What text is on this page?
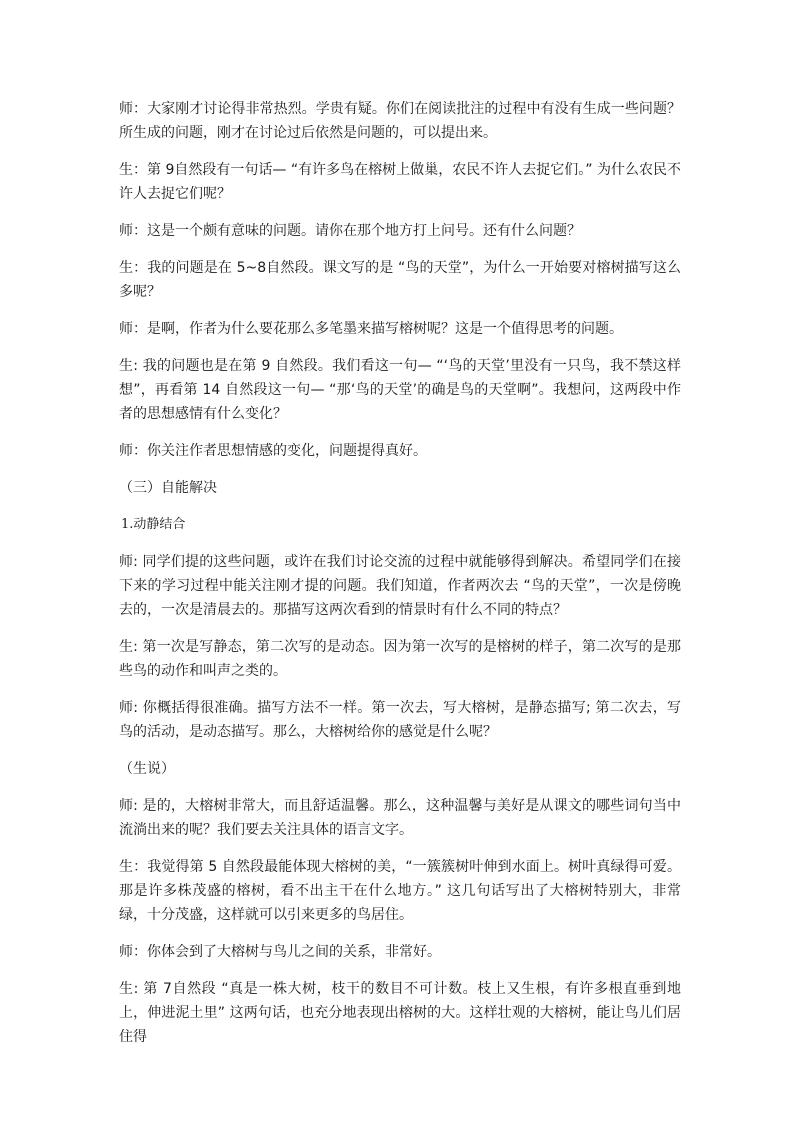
师：大家刚才讨论得非常热烈。学贵有疑。你们在阅读批注的过程中有没有生成一些问题？所生成的问题，刚才在讨论过后依然是问题的，可以提出来。

生：第 9自然段有一句话— “有许多鸟在榕树上做巢，农民不许人去捉它们。” 为什么农民不许人去捉它们呢？

师：这是一个颇有意味的问题。请你在那个地方打上问号。还有什么问题？

生：我的问题是在 5~8自然段。课文写的是 “鸟的天堂”，为什么一开始要对榕树描写这么多呢？

师：是啊，作者为什么要花那么多笔墨来描写榕树呢？这是一个值得思考的问题。

生: 我的问题也是在第 9 自然段。我们看这一句— “‘鸟的天堂’里没有一只鸟，我不禁这样想”，再看第 14 自然段这一句— “那‘鸟的天堂’的确是鸟的天堂啊”。我想问，这两段中作者的思想感情有什么变化？

师：你关注作者思想情感的变化，问题提得真好。

（三）自能解决

1.动静结合

师: 同学们提的这些问题，或许在我们讨论交流的过程中就能够得到解决。希望同学们在接下来的学习过程中能关注刚才提的问题。我们知道，作者两次去 “鸟的天堂”，一次是傍晚去的，一次是清晨去的。那描写这两次看到的情景时有什么不同的特点？

生: 第一次是写静态，第二次写的是动态。因为第一次写的是榕树的样子，第二次写的是那些鸟的动作和叫声之类的。

师: 你概括得很准确。描写方法不一样。第一次去，写大榕树，是静态描写; 第二次去，写鸟的活动，是动态描写。那么，大榕树给你的感觉是什么呢？

（生说）

师: 是的，大榕树非常大，而且舒适温馨。那么，这种温馨与美好是从课文的哪些词句当中流淌出来的呢？我们要去关注具体的语言文字。

生：我觉得第 5 自然段最能体现大榕树的美，“一簇簇树叶伸到水面上。树叶真绿得可爱。那是许多株茂盛的榕树，看不出主干在什么地方。” 这几句话写出了大榕树特别大，非常绿，十分茂盛，这样就可以引来更多的鸟居住。

师：你体会到了大榕树与鸟儿之间的关系，非常好。

生: 第 7自然段 “真是一株大树，枝干的数目不可计数。枝上又生根，有许多根直垂到地上，伸进泥土里” 这两句话，也充分地表现出榕树的大。这样壮观的大榕树，能让鸟儿们居住得
